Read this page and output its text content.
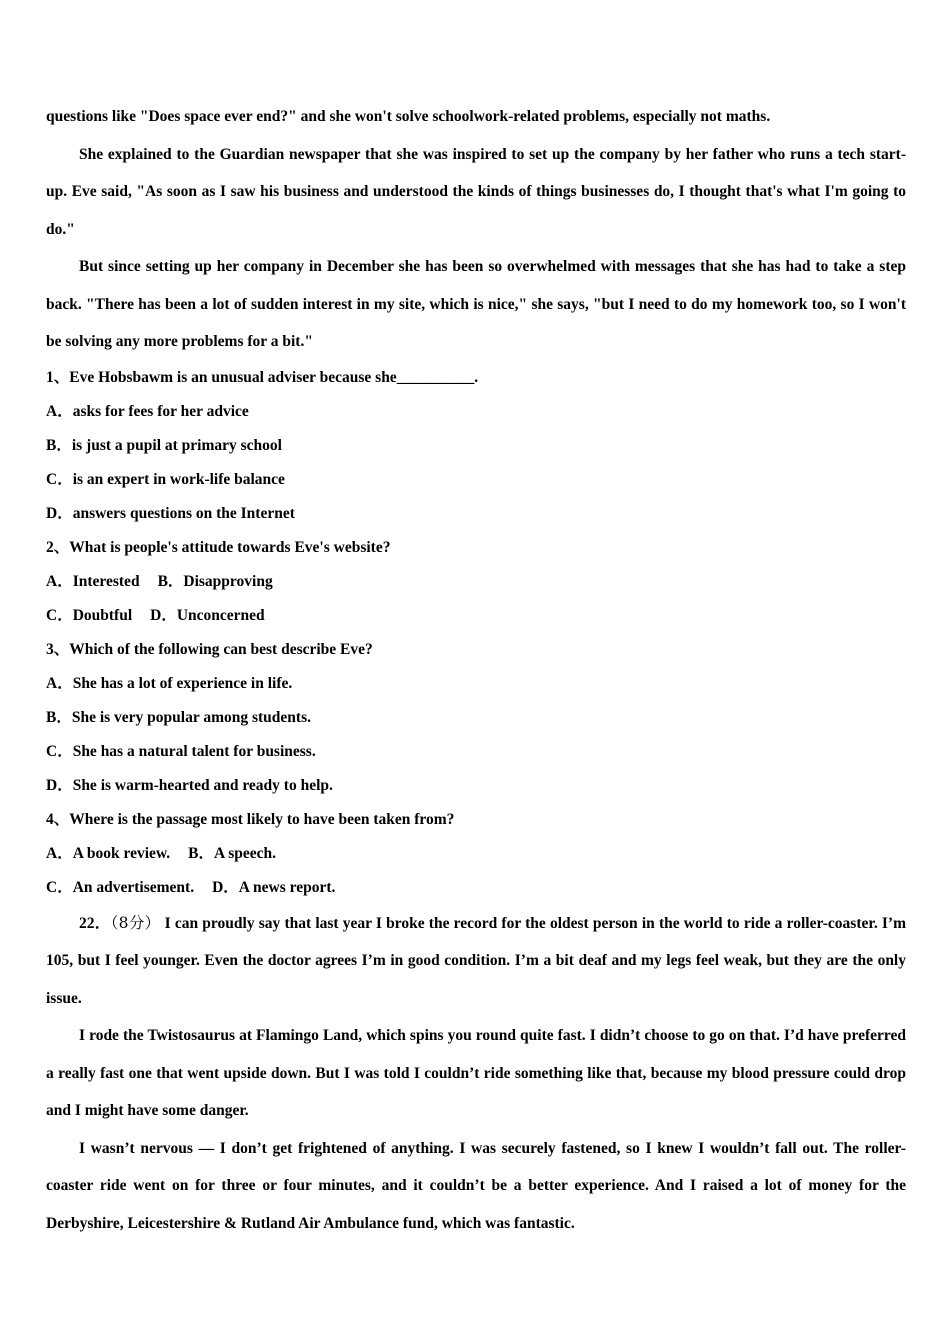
questions like "Does space ever end?" and she won't solve schoolwork-related problems, especially not maths.

She explained to the Guardian newspaper that she was inspired to set up the company by her father who runs a tech start-up. Eve said, "As soon as I saw his business and understood the kinds of things businesses do, I thought that's what I'm going to do."

But since setting up her company in December she has been so overwhelmed with messages that she has had to take a step back. "There has been a lot of sudden interest in my site, which is nice," she says, "but I need to do my homework too, so I won't be solving any more problems for a bit."

1、Eve Hobsbawm is an unusual adviser because she__________.

A．asks for fees for her advice

B．is just a pupil at primary school

C．is an expert in work-life balance

D．answers questions on the Internet

2、What is people's attitude towards Eve's website?

A．Interested B．Disapproving

C．Doubtful D．Unconcerned

3、Which of the following can best describe Eve?

A．She has a lot of experience in life.

B．She is very popular among students.

C．She has a natural talent for business.

D．She is warm-hearted and ready to help.

4、Where is the passage most likely to have been taken from?

A．A book review. B．A speech.

C．An advertisement. D．A news report.

22．（8分） I can proudly say that last year I broke the record for the oldest person in the world to ride a roller-coaster. I’m 105, but I feel younger. Even the doctor agrees I’m in good condition. I’m a bit deaf and my legs feel weak, but they are the only issue.

I rode the Twistosaurus at Flamingo Land, which spins you round quite fast. I didn’t choose to go on that. I’d have preferred a really fast one that went upside down. But I was told I couldn’t ride something like that, because my blood pressure could drop and I might have some danger.

I wasn’t nervous — I don’t get frightened of anything. I was securely fastened, so I knew I wouldn’t fall out. The roller-coaster ride went on for three or four minutes, and it couldn’t be a better experience. And I raised a lot of money for the Derbyshire, Leicestershire & Rutland Air Ambulance fund, which was fantastic.
